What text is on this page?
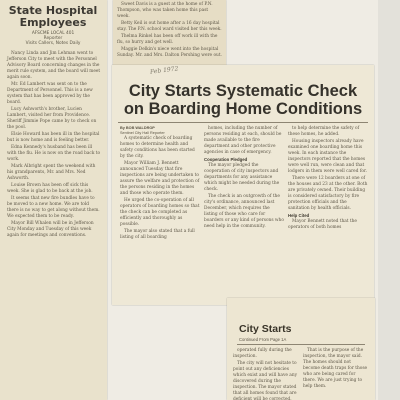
State Hospital
Employees
AFSCME LOCAL 401
Reporter
Visits Callers, Notes Daily

Nancy Linda and Jim Lehman went to Jefferson City to meet with the Personnel Advisory Board concerning changes in the merit rule system, and the board will meet again soon.

Mr. Ed Lambert was sent on to the Department of Personnel. This is a new system that has been approved by the board.

Lucy Ashworth's brother, Lucien Lambert, visited her from Providence. Sheriff Jimmie Pope came by to check on the pool.

Elsie Howard has been ill in the hospital but is now home and is feeling better.

Edna Kennedy's husband has been ill with the flu. He is now on the road back to work.

Mark Albright spent the weekend with his grandparents, Mr. and Mrs. Ned Ashworth.

Louise Brown has been off sick this week. She is glad to be back at the job.

It seems that new fire bundles have to be moved to a new home. We are told there is no way to get along without them. We expected them to be ready.

Mayor Bill Whalen will be in Jefferson City Monday and Tuesday of this week again for meetings and conventions.

Sweet Davis is a guest at the home of P.N. Thompson, who was taken home this past week.

Betty Keil is out home after a 16 day hospital stay. The P.N. school ward visited her this week.

Thelma Rinkel has been off work ill with the flu, so hurry and get well.

Maggie Delkin's niece went into the hospital Sunday. Mr. and Mrs. Dalton Pershing were out.

City Starts Systematic Check
on Boarding Home Conditions
By BOB WALDROP
Sentinel City Hall Reporter

A systematic check of boarding homes to determine health and safety conditions has been started by the city.

Mayor William J. Bennett announced Tuesday that fire inspections are being undertaken to assure the welfare and protection of the persons residing in the homes and those who operate them.

He urged the co-operation of all operators of boarding homes so that the check can be completed as efficiently and thoroughly as possible.

The mayor also stated that a full listing of all boarding

homes, including the number of persons residing at each, should be made available to the fire department and other protective agencies in case of emergency.

Cooperation Pledged

The mayor pledged the cooperation of city inspectors and departments for any assistance which might be needed during the check.

The check is an outgrowth of the city's ordinance, announced last December, which requires the listing of those who care for boarders or any kind of persons who need help in the community.

to help determine the safety of these homes, he added.

Housing inspectors already have examined one boarding home this week. In each instance the inspectors reported that the homes were well run, were clean and that lodgers in them were well cared for.

There were 12 boarders at one of the houses and 23 at the other. Both are privately owned. Their building is considered satisfactory by fire protection officials and the sanitation by health officials.

Help Cited

Mayor Bennett noted that the operators of both homes

Feb 1972
City Starts
Continued From Page 1A

operated fully during the inspection.

The city will not hesitate to point out any deficiencies which exist and will have any discovered during the inspection. The mayor stated that all homes found that are deficient will be corrected.

That is the purpose of the inspection, the mayor said. The homes should not become death traps for those who are being cared for there. We are just trying to help them.
